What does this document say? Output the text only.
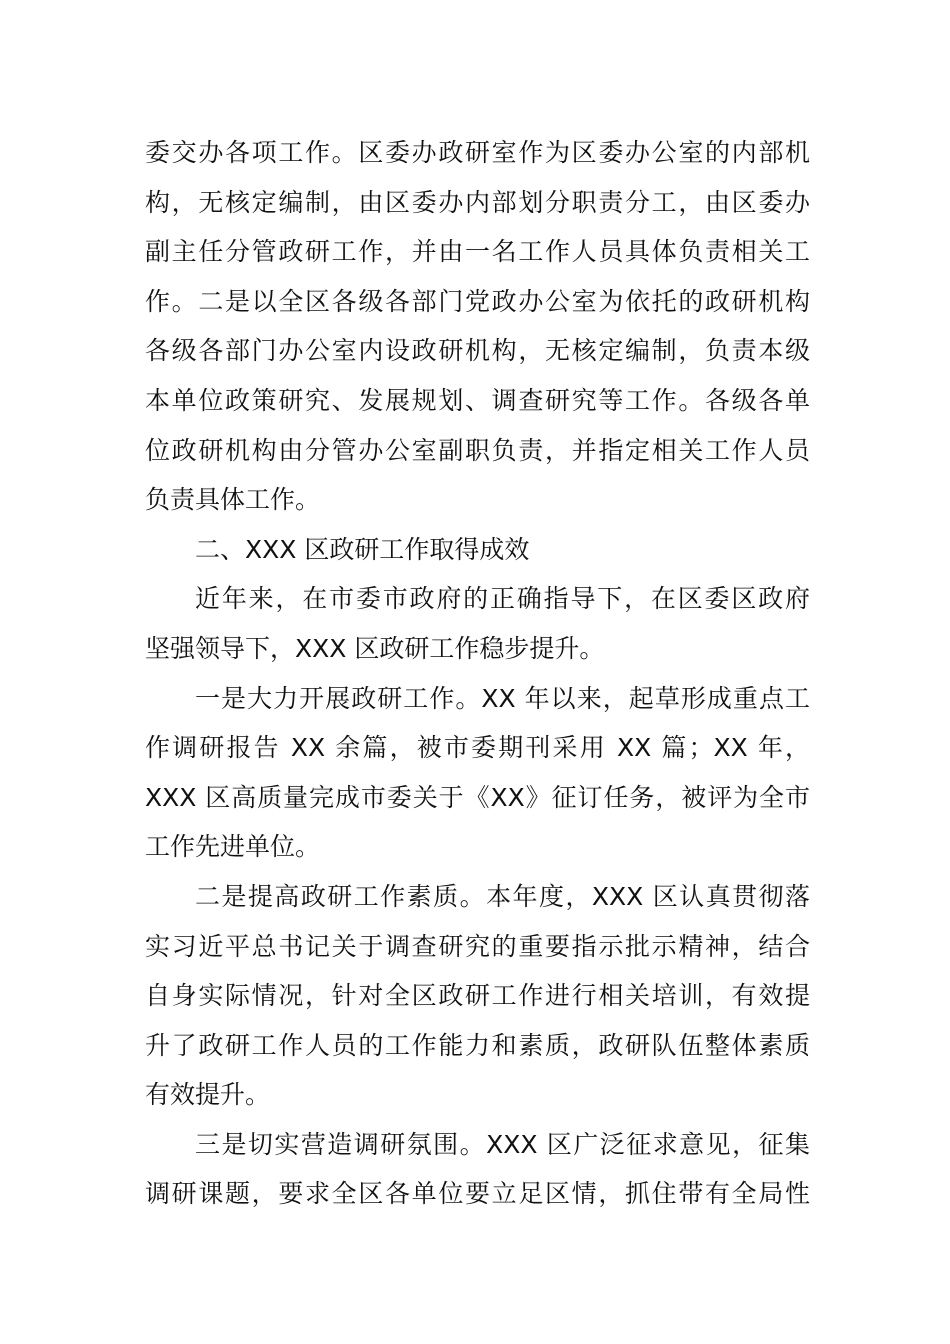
委交办各项工作。区委办政研室作为区委办公室的内部机
构，无核定编制，由区委办内部划分职责分工，由区委办
副主任分管政研工作，并由一名工作人员具体负责相关工
作。二是以全区各级各部门党政办公室为依托的政研机构
各级各部门办公室内设政研机构，无核定编制，负责本级
本单位政策研究、发展规划、调查研究等工作。各级各单
位政研机构由分管办公室副职负责，并指定相关工作人员
负责具体工作。
二、XXX 区政研工作取得成效
近年来，在市委市政府的正确指导下，在区委区政府
坚强领导下，XXX 区政研工作稳步提升。
一是大力开展政研工作。XX 年以来，起草形成重点工
作调研报告 XX 余篇，被市委期刊采用 XX 篇；XX 年，
XXX 区高质量完成市委关于《XX》征订任务，被评为全市
工作先进单位。
二是提高政研工作素质。本年度，XXX 区认真贯彻落
实习近平总书记关于调查研究的重要指示批示精神，结合
自身实际情况，针对全区政研工作进行相关培训，有效提
升了政研工作人员的工作能力和素质，政研队伍整体素质
有效提升。
三是切实营造调研氛围。XXX 区广泛征求意见，征集
调研课题，要求全区各单位要立足区情，抓住带有全局性
